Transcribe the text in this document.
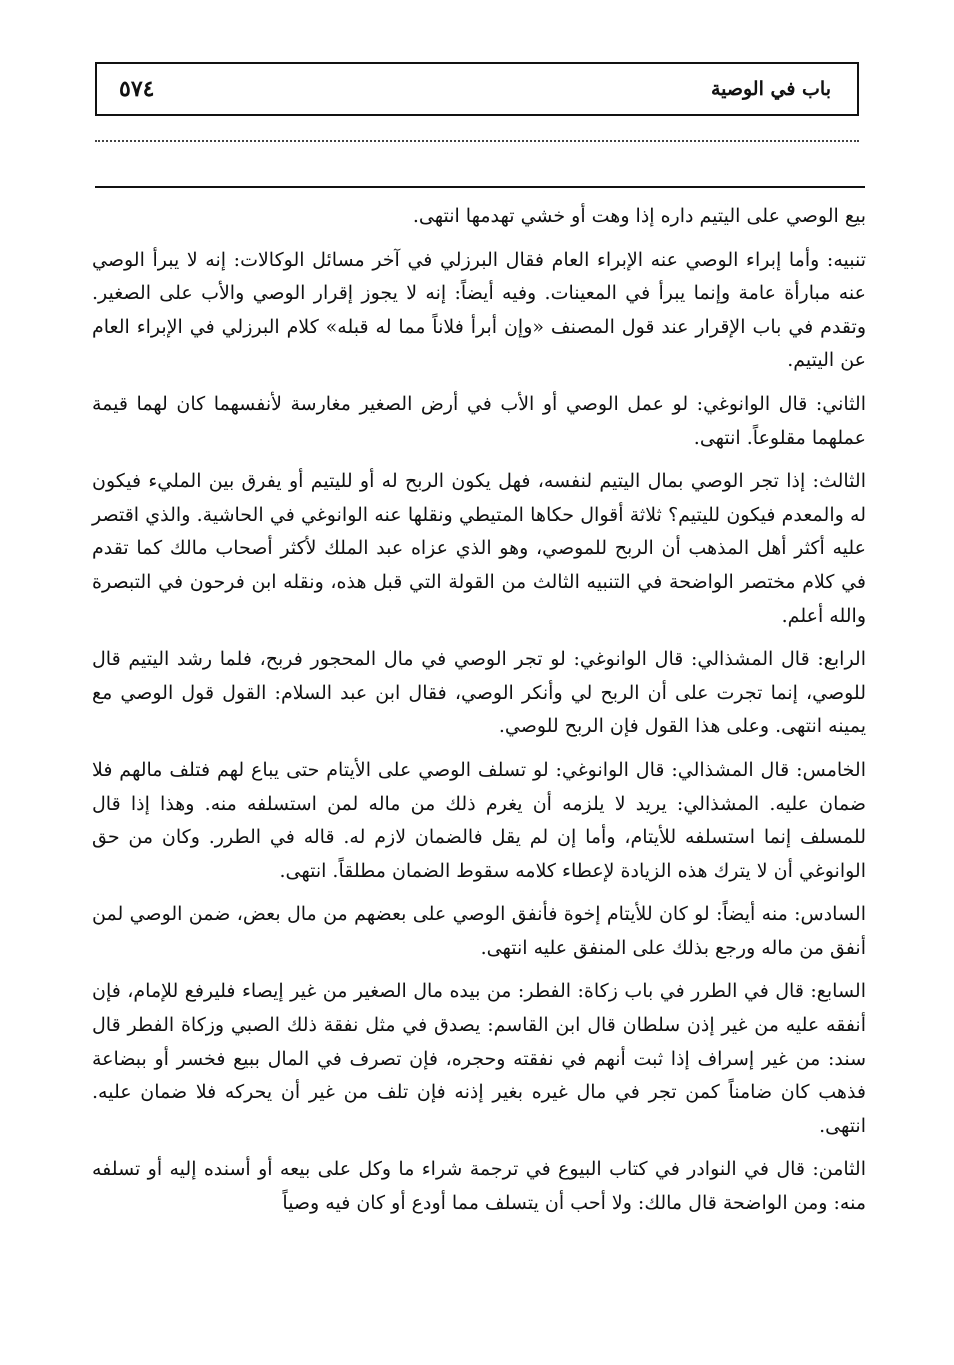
باب في الوصية
٥٧٤

بيع الوصي على اليتيم داره إذا وهت أو خشي تهدمها انتهى.

تنبيه: وأما إبراء الوصي عنه الإبراء العام فقال البرزلي في آخر مسائل الوكالات: إنه لا يبرأ الوصي عنه مبارأة عامة وإنما يبرأ في المعينات. وفيه أيضاً: إنه لا يجوز إقرار الوصي والأب على الصغير. وتقدم في باب الإقرار عند قول المصنف «وإن أبرأ فلاناً مما له قبله» كلام البرزلي في الإبراء العام عن اليتيم.

الثاني: قال الوانوغي: لو عمل الوصي أو الأب في أرض الصغير مغارسة لأنفسهما كان لهما قيمة عملهما مقلوعاً. انتهى.

الثالث: إذا تجر الوصي بمال اليتيم لنفسه، فهل يكون الربح له أو لليتيم أو يفرق بين المليء فيكون له والمعدم فيكون لليتيم؟ ثلاثة أقوال حكاها المتيطي ونقلها عنه الوانوغي في الحاشية. والذي اقتصر عليه أكثر أهل المذهب أن الربح للموصي، وهو الذي عزاه عبد الملك لأكثر أصحاب مالك كما تقدم في كلام مختصر الواضحة في التنبيه الثالث من القولة التي قبل هذه، ونقله ابن فرحون في التبصرة والله أعلم.

الرابع: قال المشذالي: قال الوانوغي: لو تجر الوصي في مال المحجور فربح، فلما رشد اليتيم قال للوصي، إنما تجرت على أن الربح لي وأنكر الوصي، فقال ابن عبد السلام: القول قول الوصي مع يمينه انتهى. وعلى هذا القول فإن الربح للوصي.

الخامس: قال المشذالي: قال الوانوغي: لو تسلف الوصي على الأيتام حتى يباع لهم فتلف مالهم فلا ضمان عليه. المشذالي: يريد لا يلزمه أن يغرم ذلك من ماله لمن استسلفه منه. وهذا إذا قال للمسلف إنما استسلفه للأيتام، وأما إن لم يقل فالضمان لازم له. قاله في الطرر. وكان من حق الوانوغي أن لا يترك هذه الزيادة لإعطاء كلامه سقوط الضمان مطلقاً. انتهى.

السادس: منه أيضاً: لو كان للأيتام إخوة فأنفق الوصي على بعضهم من مال بعض، ضمن الوصي لمن أنفق من ماله ورجع بذلك على المنفق عليه انتهى.

السابع: قال في الطرر في باب زكاة: الفطر: من بيده مال الصغير من غير إيصاء فليرفع للإمام، فإن أنفقه عليه من غير إذن سلطان قال ابن القاسم: يصدق في مثل نفقة ذلك الصبي وزكاة الفطر قال سند: من غير إسراف إذا ثبت أنهم في نفقته وحجره، فإن تصرف في المال ببيع فخسر أو ببضاعة فذهب كان ضامناً كمن تجر في مال غيره بغير إذنه فإن تلف من غير أن يحركه فلا ضمان عليه. انتهى.

الثامن: قال في النوادر في كتاب البيوع في ترجمة شراء ما وكل على بيعه أو أسنده إليه أو تسلفه منه: ومن الواضحة قال مالك: ولا أحب أن يتسلف مما أودع أو كان فيه وصياً
